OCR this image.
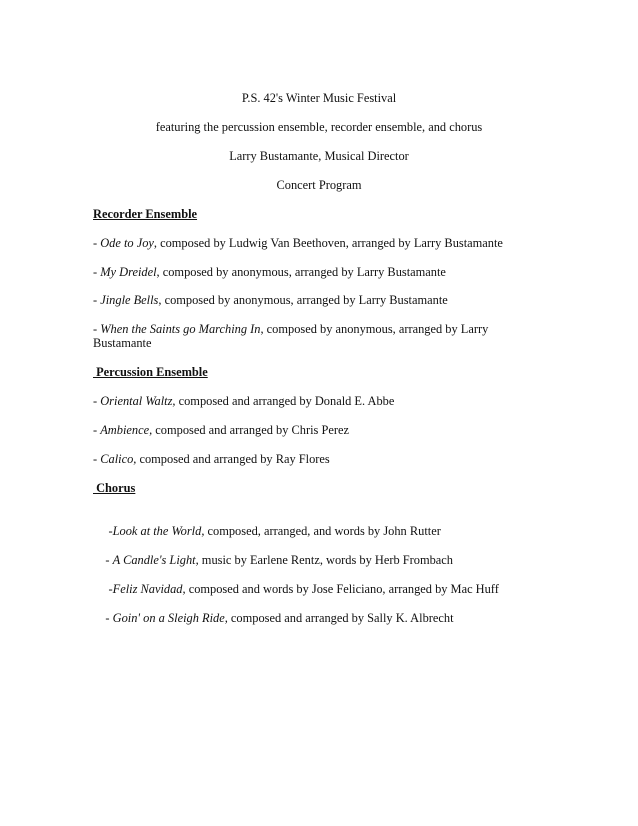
P.S. 42's Winter Music Festival
featuring the percussion ensemble, recorder ensemble, and chorus
Larry Bustamante, Musical Director
Concert Program
Recorder Ensemble
- Ode to Joy, composed by Ludwig Van Beethoven, arranged by Larry Bustamante
- My Dreidel, composed by anonymous, arranged by Larry Bustamante
- Jingle Bells, composed by anonymous, arranged by Larry Bustamante
- When the Saints go Marching In, composed by anonymous, arranged by Larry Bustamante
Percussion Ensemble
- Oriental Waltz, composed and arranged by Donald E. Abbe
- Ambience, composed and arranged by Chris Perez
- Calico, composed and arranged by Ray Flores
Chorus

-Look at the World, composed, arranged, and words by John Rutter

- A Candle's Light, music by Earlene Rentz, words by Herb Frombach

-Feliz Navidad, composed and words by Jose Feliciano, arranged by Mac Huff

- Goin' on a Sleigh Ride, composed and arranged by Sally K. Albrecht
